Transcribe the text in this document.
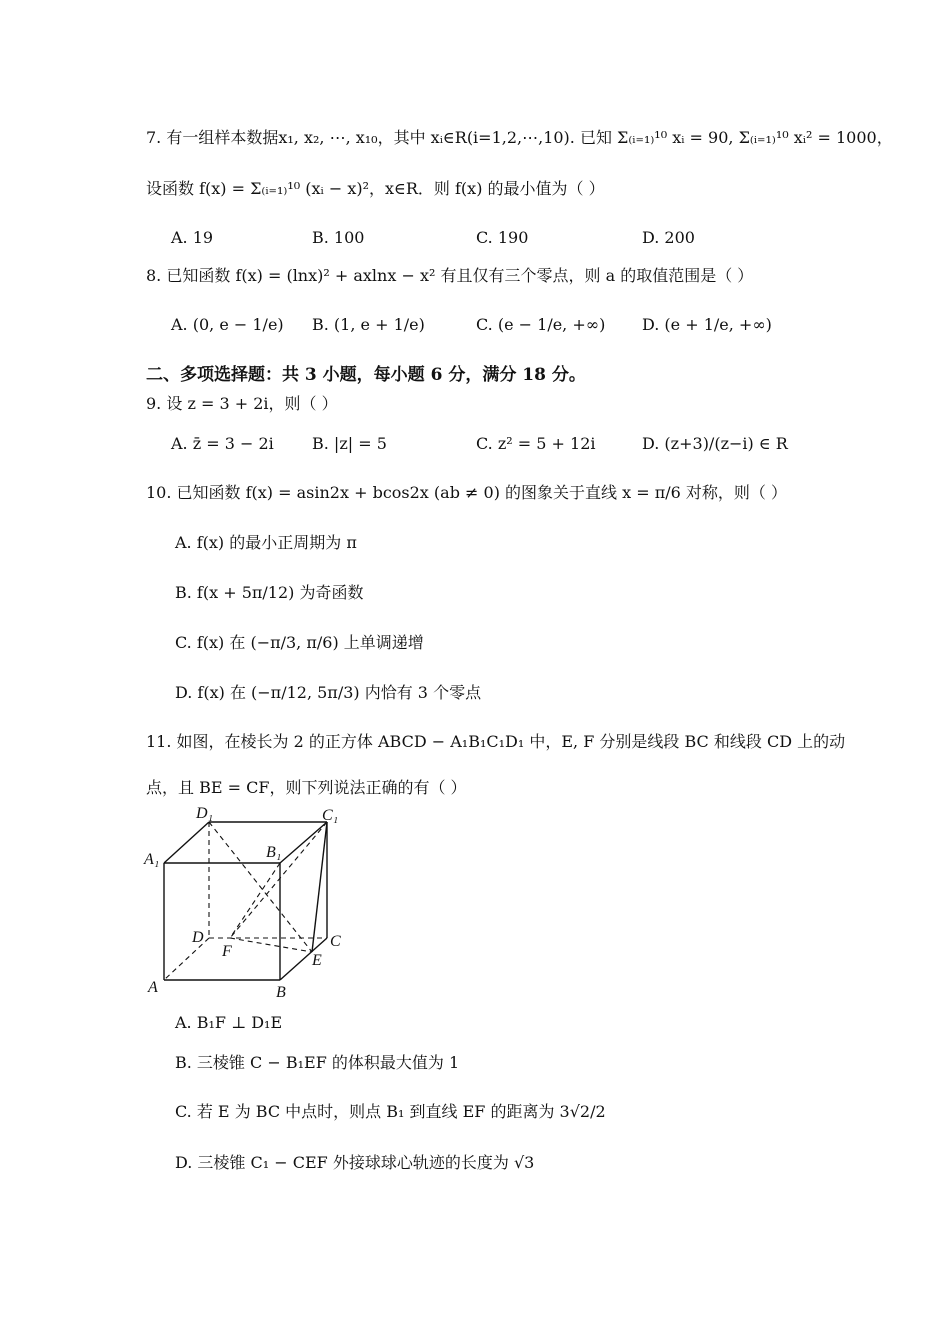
7. 有一组样本数据x₁, x₂, ⋯, x₁₀，其中 xᵢ∈R(i=1,2,⋯,10). 已知 Σ₍ᵢ₌₁₎¹⁰ xᵢ = 90, Σ₍ᵢ₌₁₎¹⁰ xᵢ² = 1000，
设函数 f(x) = Σ₍ᵢ₌₁₎¹⁰ (xᵢ − x)²，x∈R．则 f(x) 的最小值为（ ）
A. 19	B. 100	C. 190	D. 200
8. 已知函数 f(x) = (lnx)² + axlnx − x² 有且仅有三个零点，则 a 的取值范围是（ ）
A. (0, e − 1/e) B. (1, e + 1/e)	C. (e − 1/e, +∞) D. (e + 1/e, +∞)
二、多项选择题：共 3 小题，每小题 6 分，满分 18 分。
9. 设 z = 3 + 2i，则（ ）
A. z̄ = 3 − 2i B. |z| = 5	C. z² = 5 + 12i	D. (z+3)/(z−i) ∈ R
10. 已知函数 f(x) = asin2x + bcos2x (ab ≠ 0) 的图象关于直线 x = π/6 对称，则（ ）
A. f(x) 的最小正周期为 π
B. f(x + 5π/12) 为奇函数
C. f(x) 在 (−π/3, π/6) 上单调递增
D. f(x) 在 (−π/12, 5π/3) 内恰有 3 个零点
11. 如图，在棱长为 2 的正方体 ABCD − A₁B₁C₁D₁ 中，E, F 分别是线段 BC 和线段 CD 上的动
点，且 BE = CF，则下列说法正确的有（ ）
D₁	C₁
A₁	B₁
D
F
C
E
A	B
A. B₁F ⊥ D₁E
B. 三棱锥 C − B₁EF 的体积最大值为 1
C. 若 E 为 BC 中点时，则点 B₁ 到直线 EF 的距离为 3√2/2
D. 三棱锥 C₁ − CEF 外接球球心轨迹的长度为 √3
